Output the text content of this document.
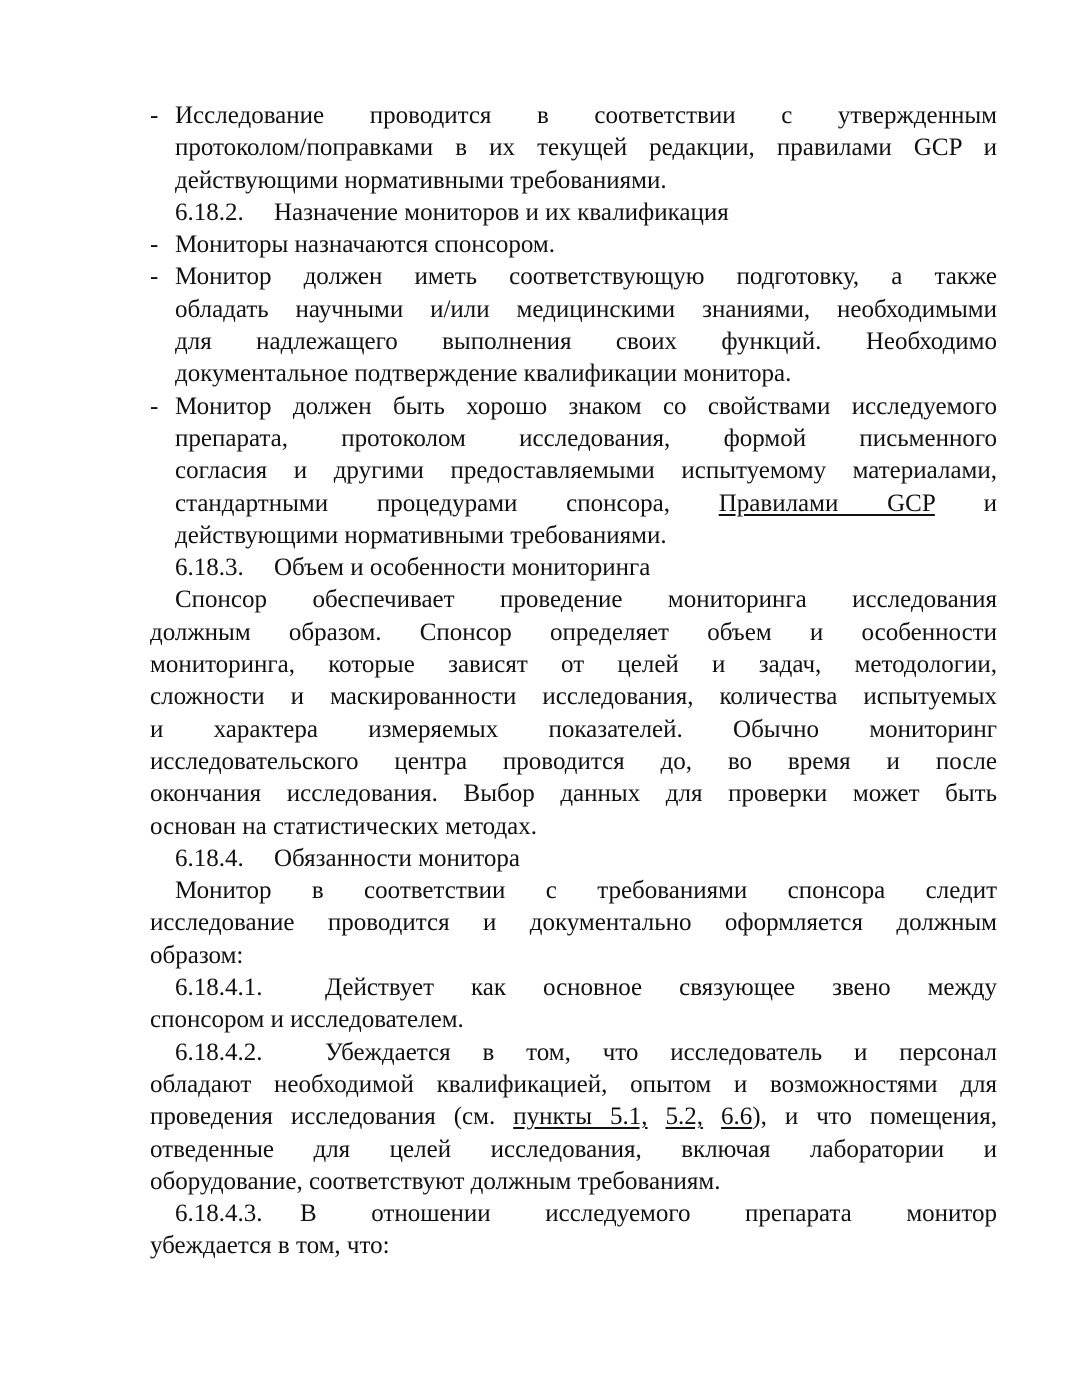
- Исследование проводится в соответствии с утвержденным
протоколом/поправками в их текущей редакции, правилами GCP и
действующими нормативными требованиями.
6.18.2. Назначение мониторов и их квалификация
- Мониторы назначаются спонсором.
- Монитор должен иметь соответствующую подготовку, а также
обладать научными и/или медицинскими знаниями, необходимыми
для надлежащего выполнения своих функций. Необходимо
документальное подтверждение квалификации монитора.
- Монитор должен быть хорошо знаком со свойствами исследуемого
препарата, протоколом исследования, формой письменного
согласия и другими предоставляемыми испытуемому материалами,
стандартными процедурами спонсора, Правилами GCP и
действующими нормативными требованиями.
6.18.3. Объем и особенности мониторинга
Спонсор обеспечивает проведение мониторинга исследования
должным образом. Спонсор определяет объем и особенности
мониторинга, которые зависят от целей и задач, методологии,
сложности и маскированности исследования, количества испытуемых
и характера измеряемых показателей. Обычно мониторинг
исследовательского центра проводится до, во время и после
окончания исследования. Выбор данных для проверки может быть
основан на статистических методах.
6.18.4. Обязанности монитора
Монитор в соответствии с требованиями спонсора следит
исследование проводится и документально оформляется должным
образом:
6.18.4.1.	Действует как основное связующее звено между
спонсором и исследователем.
6.18.4.2.	Убеждается в том, что исследователь и персонал
обладают необходимой квалификацией, опытом и возможностями для
проведения исследования (см. пункты 5.1, 5.2, 6.6), и что помещения,
отведенные для целей исследования, включая лаборатории и
оборудование, соответствуют должным требованиям.
6.18.4.3. В отношении исследуемого препарата монитор
убеждается в том, что:
